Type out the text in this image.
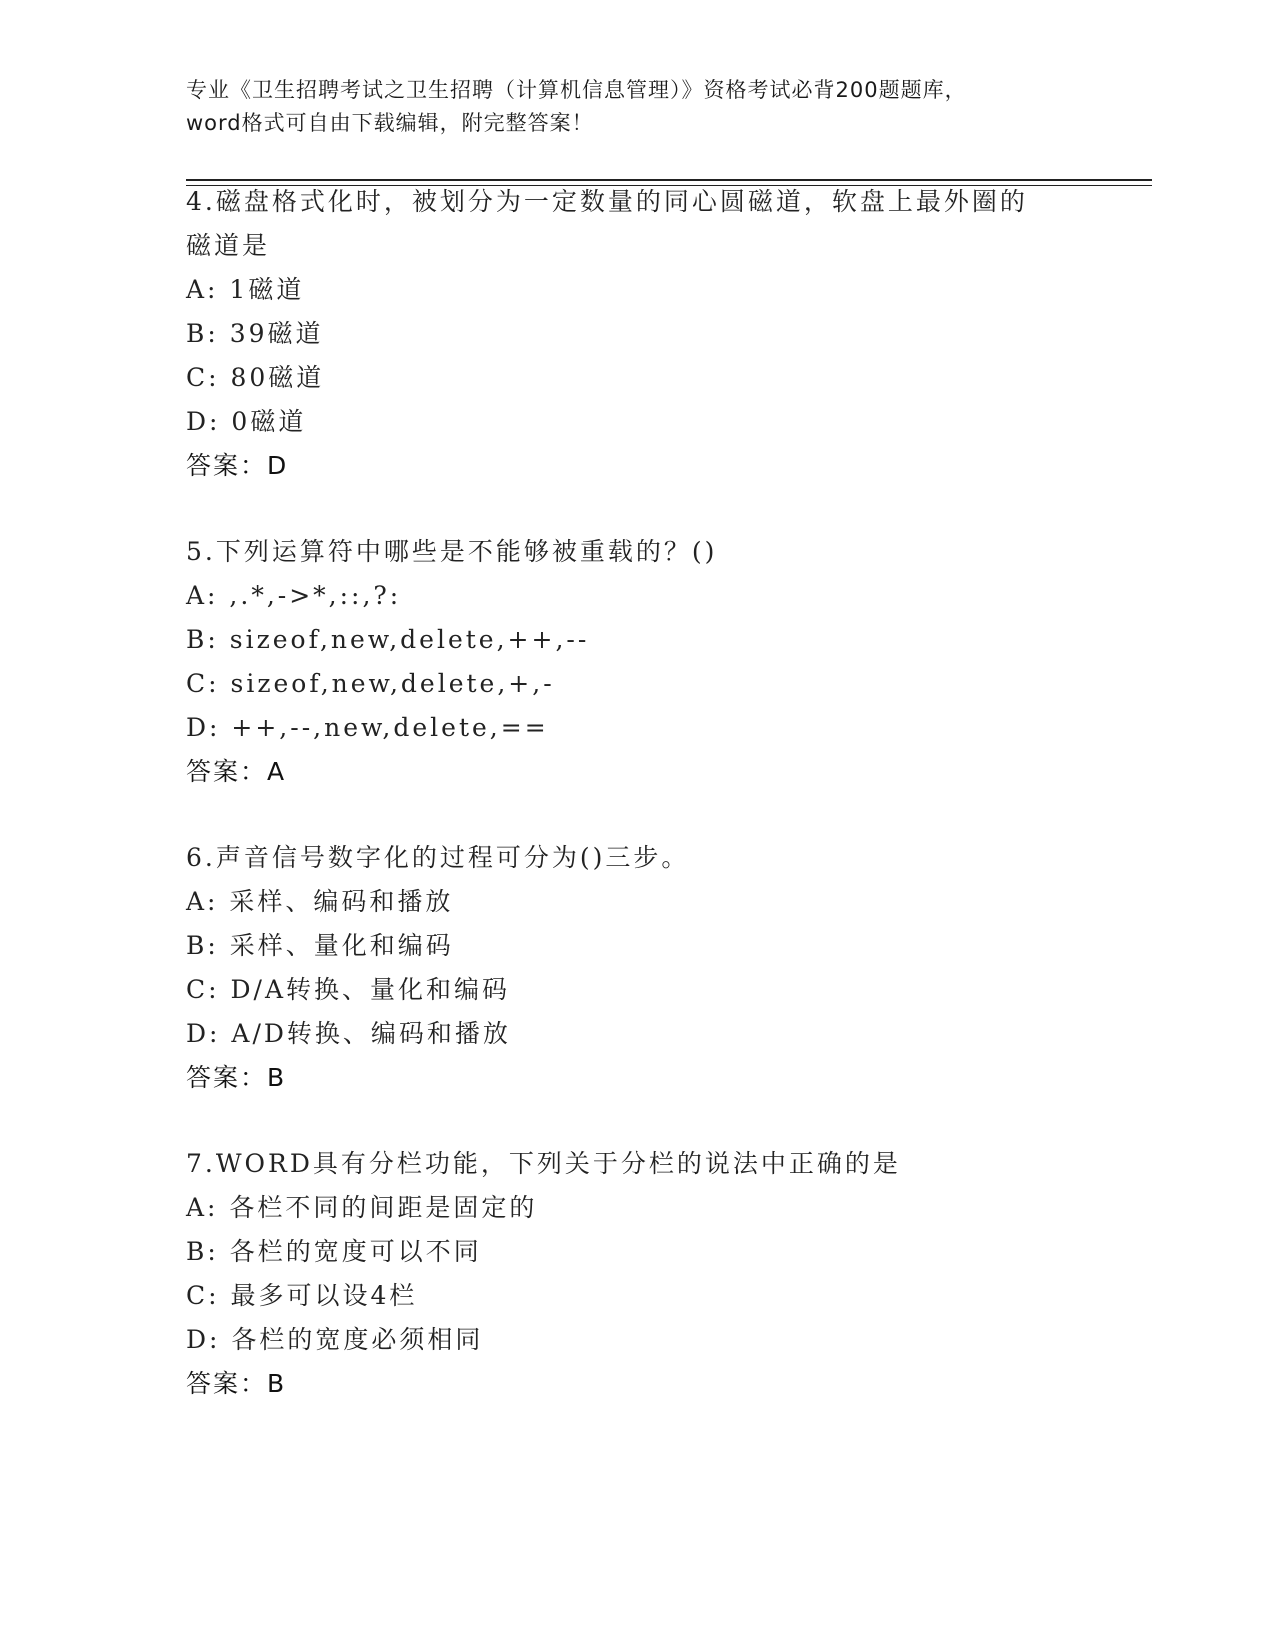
专业《卫生招聘考试之卫生招聘（计算机信息管理）》资格考试必背200题题库，
word格式可自由下载编辑，附完整答案！
4.磁盘格式化时，被划分为一定数量的同心圆磁道，软盘上最外圈的
磁道是
A: 1磁道
B: 39磁道
C: 80磁道
D: 0磁道
答案：D
5.下列运算符中哪些是不能够被重载的？()
A: ,.*,->*,::,?:
B: sizeof,new,delete,++,--
C: sizeof,new,delete,+,-
D: ++,--,new,delete,==
答案：A
6.声音信号数字化的过程可分为()三步。
A: 采样、编码和播放
B: 采样、量化和编码
C: D/A转换、量化和编码
D: A/D转换、编码和播放
答案：B
7.WORD具有分栏功能，下列关于分栏的说法中正确的是
A: 各栏不同的间距是固定的
B: 各栏的宽度可以不同
C: 最多可以设4栏
D: 各栏的宽度必须相同
答案：B
